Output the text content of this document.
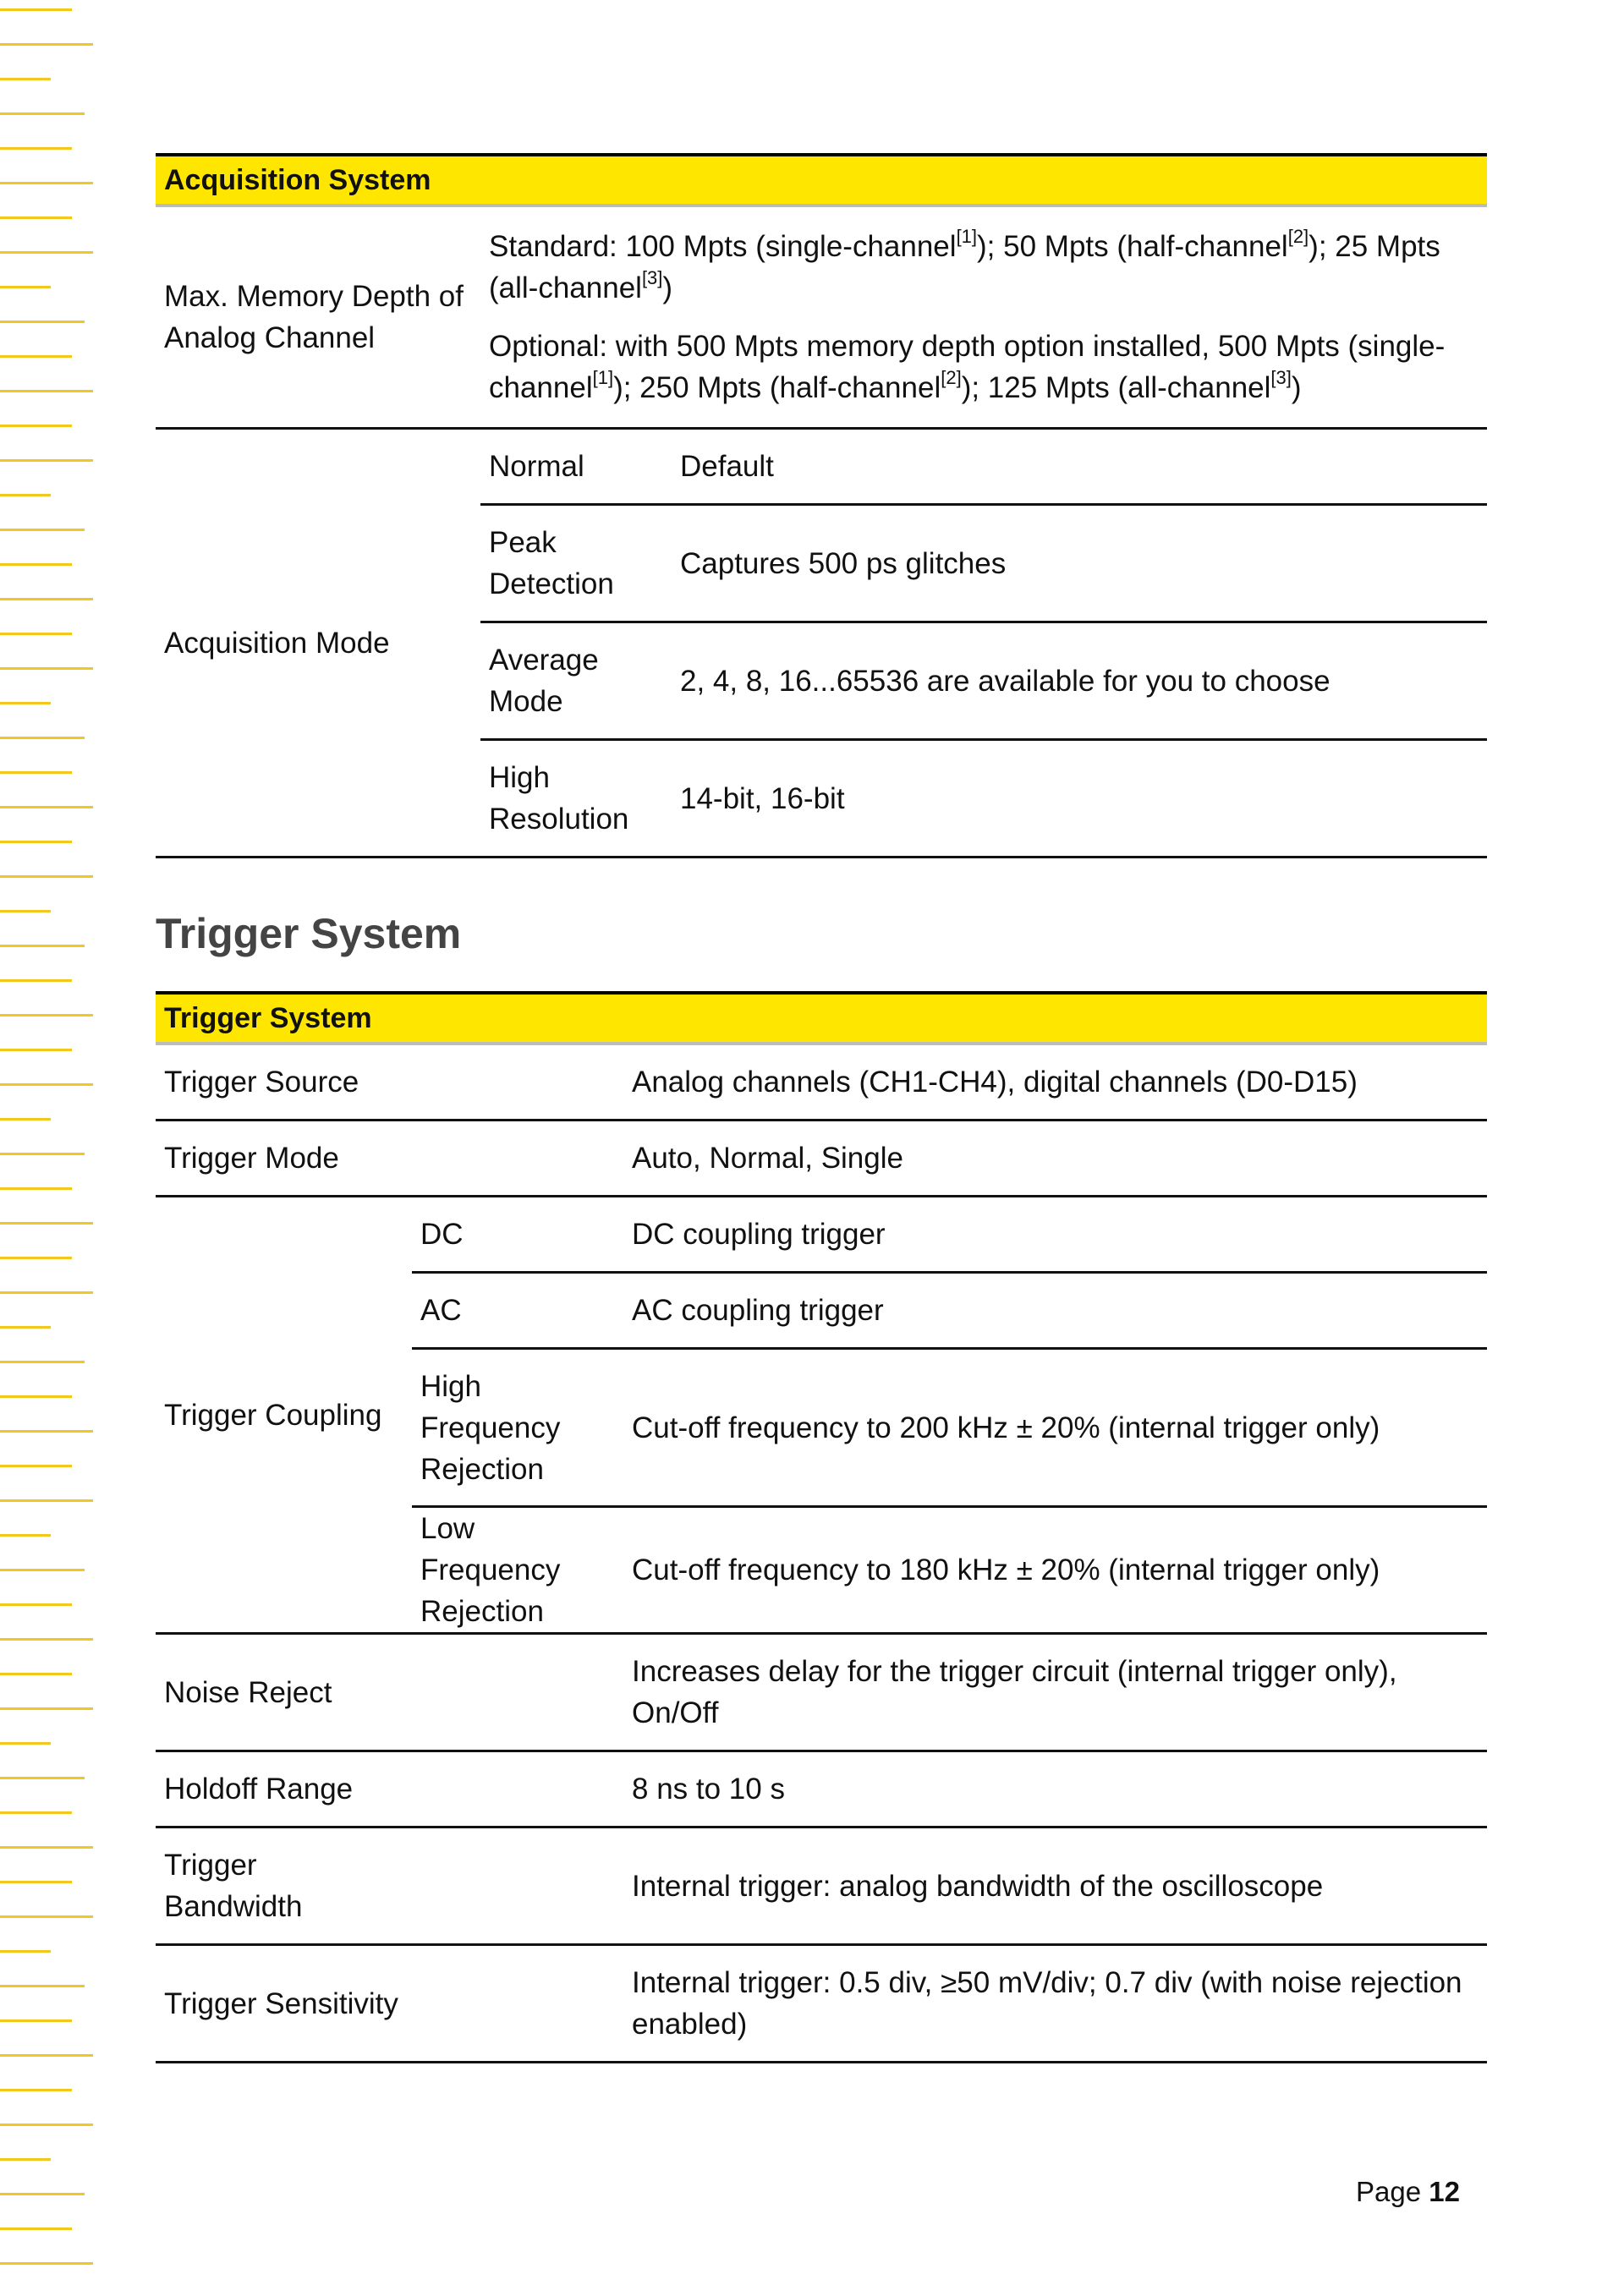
Acquisition System		
Max. Memory Depth of Analog Channel	Standard: 100 Mpts (single-channel[1]); 50 Mpts (half-channel[2]); 25 Mpts (all-channel[3])

Optional: with 500 Mpts memory depth option installed, 500 Mpts (single-channel[1]); 250 Mpts (half-channel[2]); 125 Mpts (all-channel[3])	

Acquisition Mode	Normal	Default
	Peak Detection	Captures 500 ps glitches
	Average Mode	2, 4, 8, 16...65536 are available for you to choose
	High Resolution	14-bit, 16-bit
Trigger System
Trigger System		
Trigger Source		Analog channels (CH1-CH4), digital channels (D0-D15)
Trigger Mode		Auto, Normal, Single
Trigger Coupling	DC	DC coupling trigger
	AC	AC coupling trigger
	High Frequency Rejection	Cut-off frequency to 200 kHz ± 20% (internal trigger only)
	Low Frequency Rejection	Cut-off frequency to 180 kHz ± 20% (internal trigger only)
Noise Reject		Increases delay for the trigger circuit (internal trigger only), On/Off
Holdoff Range		8 ns to 10 s
Trigger Bandwidth		Internal trigger: analog bandwidth of the oscilloscope
Trigger Sensitivity		Internal trigger: 0.5 div, ≥50 mV/div; 0.7 div (with noise rejection enabled)
Page 12
